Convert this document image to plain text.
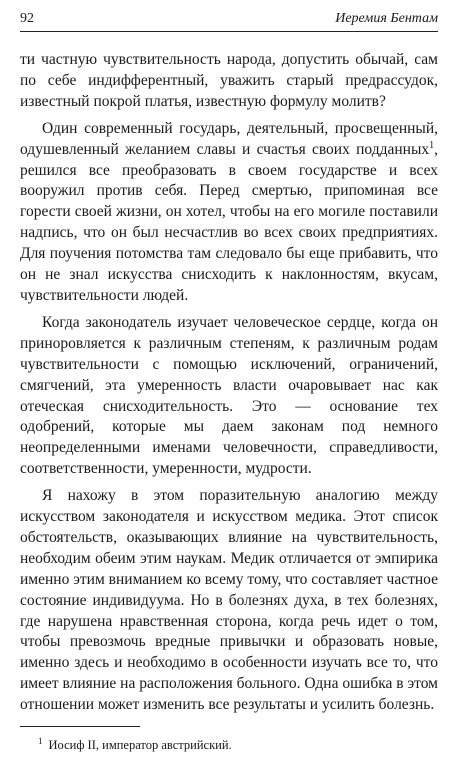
92	Иеремия Бентам

ти частную чувствительность народа, допустить обычай, сам по себе индифферентный, уважить старый предрассудок, известный покрой платья, известную формулу молитв?

Один современный государь, деятельный, просвещенный, одушевленный желанием славы и счастья своих подданных$^1$, решился все преобразовать в своем государстве и всех вооружил против себя. Перед смертью, припоминая все горести своей жизни, он хотел, чтобы на его могиле поставили надпись, что он был несчастлив во всех своих предприятиях. Для поучения потомства там следовало бы еще прибавить, что он не знал искусства снисходить к наклонностям, вкусам, чувствительности людей.

Когда законодатель изучает человеческое сердце, когда он приноровляется к различным степеням, к различным родам чувствительности с помощью исключений, ограничений, смягчений, эта умеренность власти очаровывает нас как отеческая снисходительность. Это — основание тех одобрений, которые мы даем законам под немного неопределенными именами человечности, справедливости, соответственности, умеренности, мудрости.

Я нахожу в этом поразительную аналогию между искусством законодателя и искусством медика. Этот список обстоятельств, оказывающих влияние на чувствительность, необходим обеим этим наукам. Медик отличается от эмпирика именно этим вниманием ко всему тому, что составляет частное состояние индивидуума. Но в болезнях духа, в тех болезнях, где нарушена нравственная сторона, когда речь идет о том, чтобы превозмочь вредные привычки и образовать новые, именно здесь и необходимо в особенности изучать все то, что имеет влияние на расположения больного. Одна ошибка в этом отношении может изменить все результаты и усилить болезнь.

$^1$ Иосиф II, император австрийский.
